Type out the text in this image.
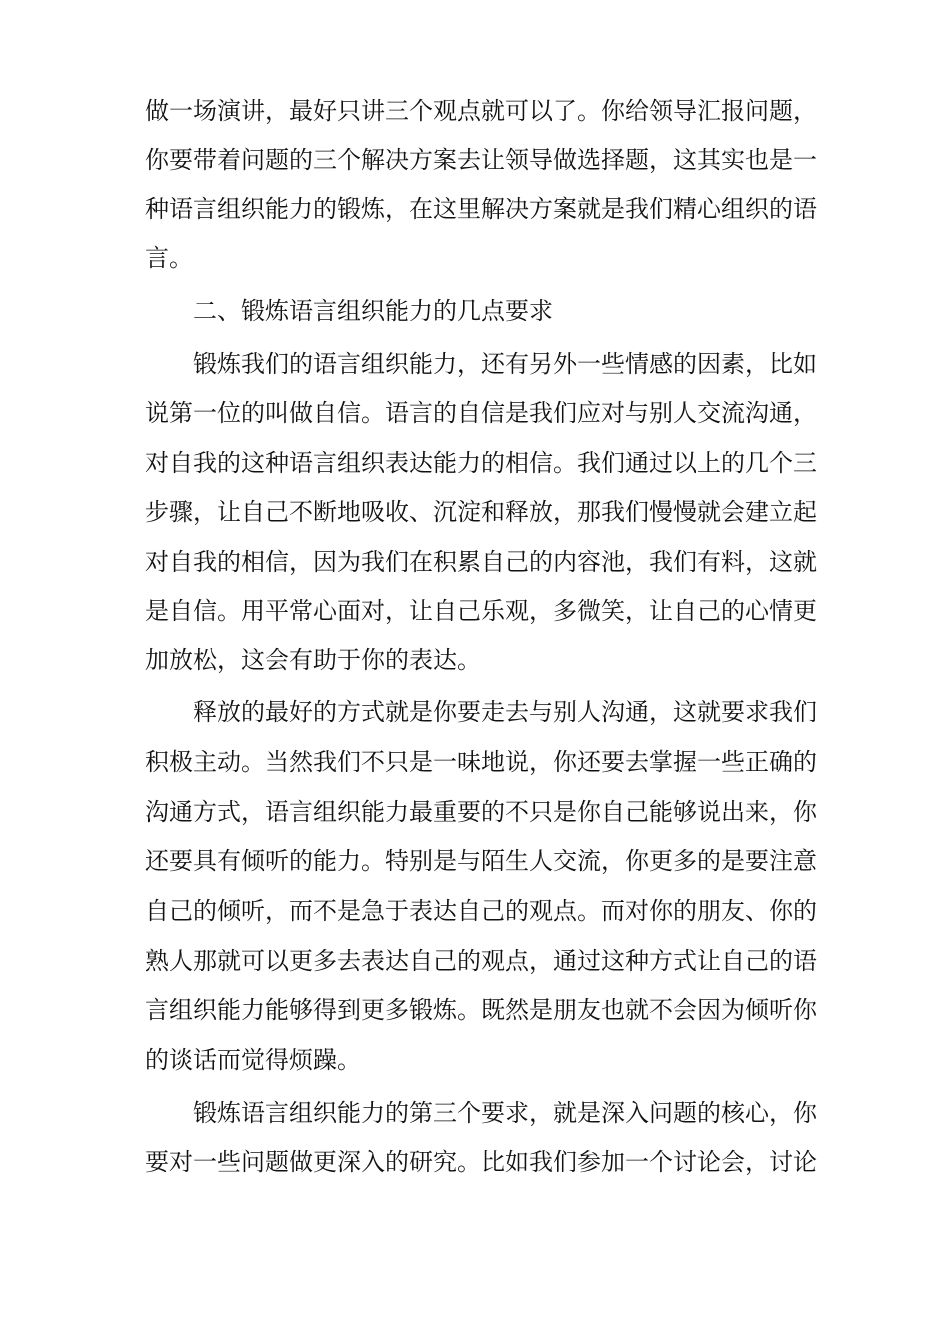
做一场演讲，最好只讲三个观点就可以了。你给领导汇报问题，
你要带着问题的三个解决方案去让领导做选择题，这其实也是一
种语言组织能力的锻炼，在这里解决方案就是我们精心组织的语
言。
二、锻炼语言组织能力的几点要求
锻炼我们的语言组织能力，还有另外一些情感的因素，比如
说第一位的叫做自信。语言的自信是我们应对与别人交流沟通，
对自我的这种语言组织表达能力的相信。我们通过以上的几个三
步骤，让自己不断地吸收、沉淀和释放，那我们慢慢就会建立起
对自我的相信，因为我们在积累自己的内容池，我们有料，这就
是自信。用平常心面对，让自己乐观，多微笑，让自己的心情更
加放松，这会有助于你的表达。
释放的最好的方式就是你要走去与别人沟通，这就要求我们
积极主动。当然我们不只是一味地说，你还要去掌握一些正确的
沟通方式，语言组织能力最重要的不只是你自己能够说出来，你
还要具有倾听的能力。特别是与陌生人交流，你更多的是要注意
自己的倾听，而不是急于表达自己的观点。而对你的朋友、你的
熟人那就可以更多去表达自己的观点，通过这种方式让自己的语
言组织能力能够得到更多锻炼。既然是朋友也就不会因为倾听你
的谈话而觉得烦躁。
锻炼语言组织能力的第三个要求，就是深入问题的核心，你
要对一些问题做更深入的研究。比如我们参加一个讨论会，讨论
